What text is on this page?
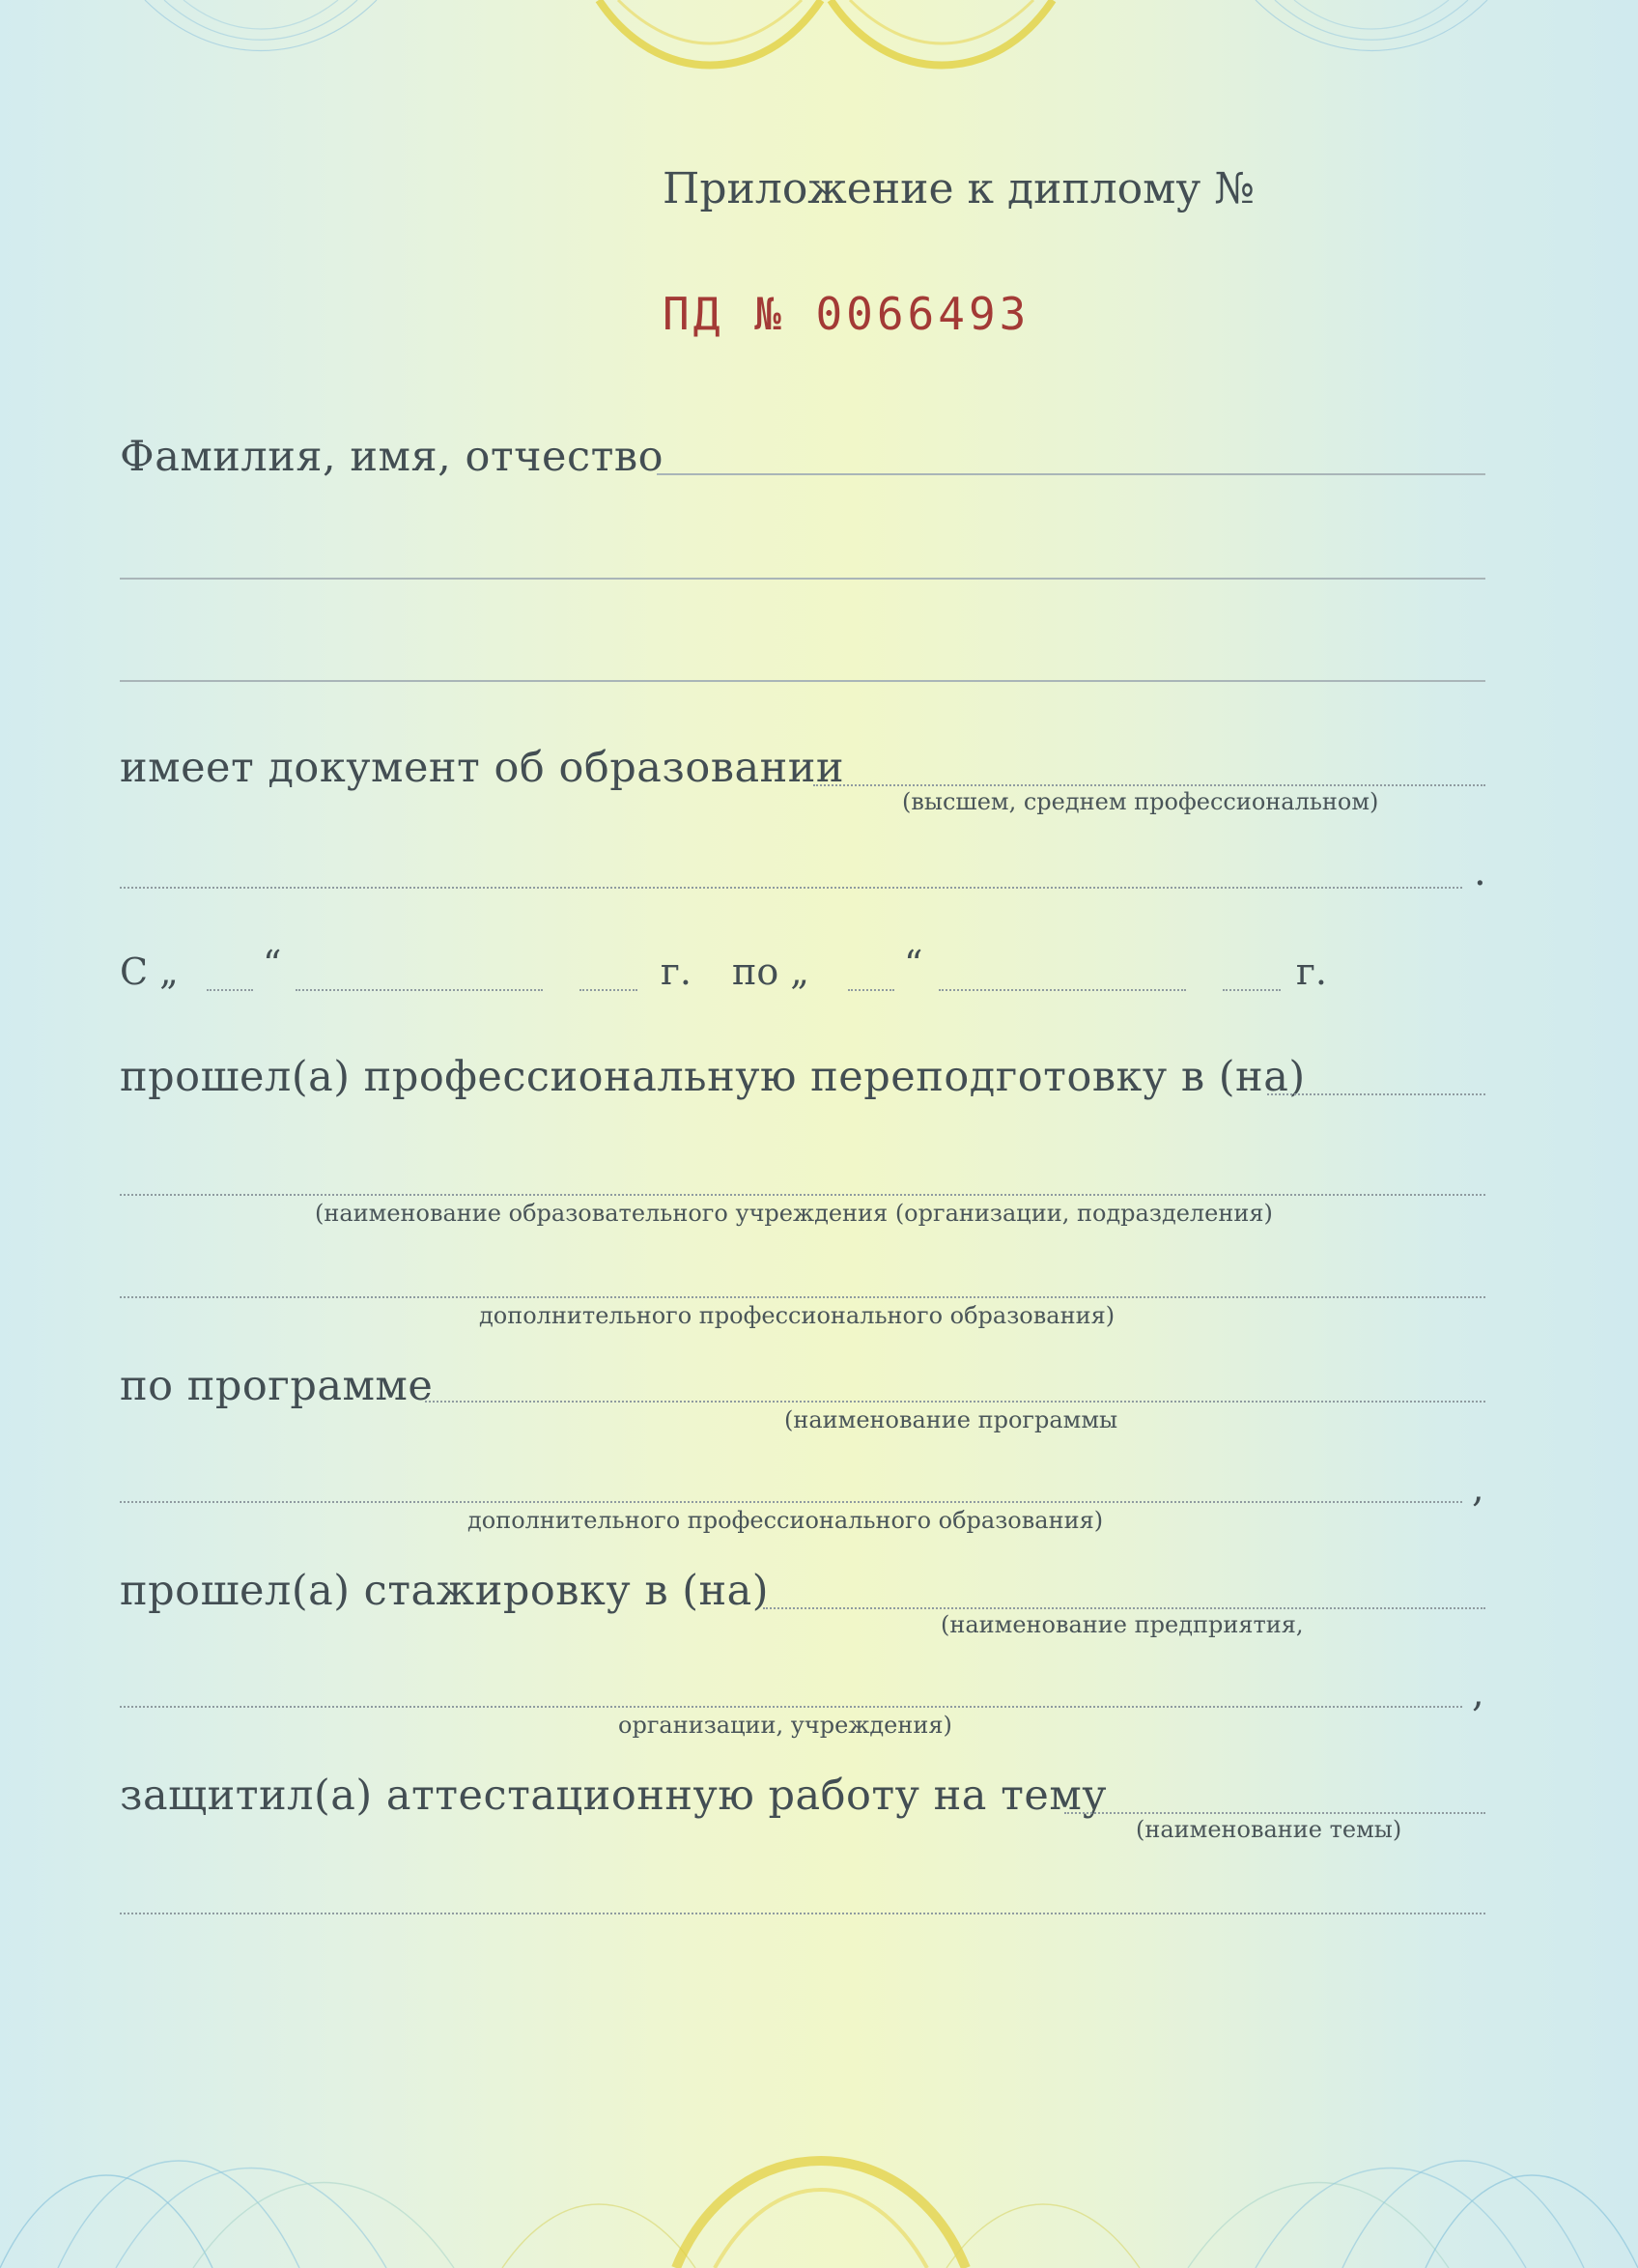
Приложение к диплому №
ПД № 0066493
Фамилия, имя, отчество
имеет документ об образовании
(высшем, среднем профессиональном)
.
С „ “	г. по „	“	г.
прошел(а) профессиональную переподготовку в (на)
(наименование образовательного учреждения (организации, подразделения)
дополнительного профессионального образования)
по программе
(наименование программы
,
дополнительного профессионального образования)
прошел(а) стажировку в (на)
(наименование предприятия,
,
организации, учреждения)
защитил(а) аттестационную работу на тему
(наименование темы)
